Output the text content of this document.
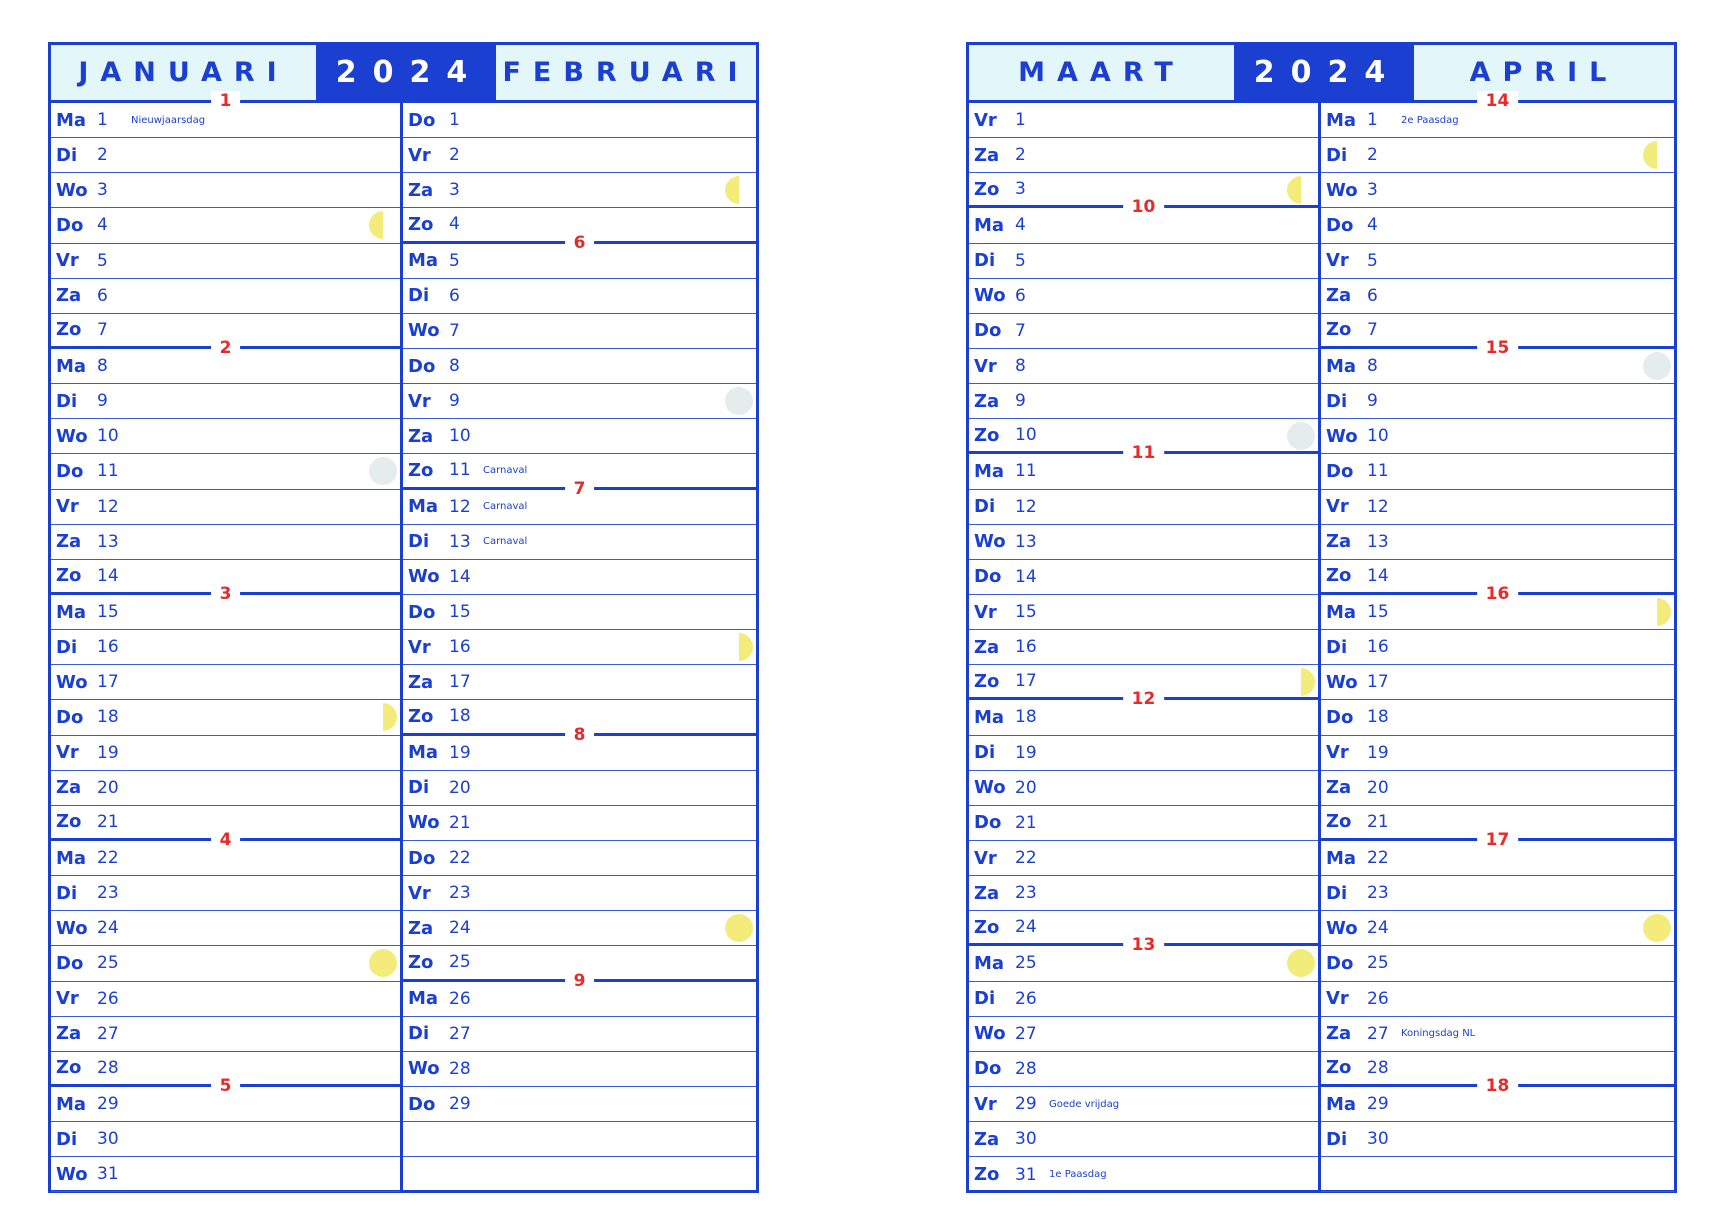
JANUARI	2024 FEBRUARI
Ma 1	Nieuwjaarsdag
Di	2
Wo 3
Do 4
Vr	5
Za 6
Zo 7
2
Ma 8
Di	9
Wo 10
Do 11
Vr	12
Za 13
Zo 14
3
Ma 15
Di	16
Wo 17
Do 18
Vr	19
Za 20
Zo 21
4
Ma 22
Di	23
Wo 24
Do 25
Vr	26
Za 27
Zo 28
5
Ma 29
Di	30
Wo 31
1
Do 1
Vr	2
Za 3
Zo 4
6
Ma 5
Di	6
Wo 7
Do 8
Vr	9
Za 10
Zo 11	Carnaval
7
Ma 12	Carnaval
Di	13	Carnaval
Wo 14
Do 15
Vr	16
Za 17
Zo 18
8
Ma 19
Di	20
Wo 21
Do 22
Vr	23
Za 24
Zo 25
9
Ma 26
Di	27
Wo 28
Do 29
MAART	2024	APRIL
Vr	1
Za 2
Zo 3
10
Ma 4
Di	5
Wo 6
Do 7
Vr	8
Za 9
Zo 10
11
Ma 11
Di	12
Wo 13
Do 14
Vr	15
Za 16
Zo 17
12
Ma 18
Di	19
Wo 20
Do 21
Vr	22
Za 23
Zo 24
13
Ma 25
Di	26
Wo 27
Do 28
Vr	29	Goede vrijdag
Za 30
Zo 31	1e Paasdag
Ma 1	2e Paasdag
Di	2
Wo 3
Do 4
Vr	5
Za 6
Zo 7
15
Ma 8
Di	9
Wo 10
Do 11
Vr	12
Za 13
Zo 14
16
Ma 15
Di	16
Wo 17
Do 18
Vr	19
Za 20
Zo 21
17
Ma 22
Di	23
Wo 24
Do 25
Vr	26
Za 27	Koningsdag NL
Zo 28
18
Ma 29
Di	30
14
